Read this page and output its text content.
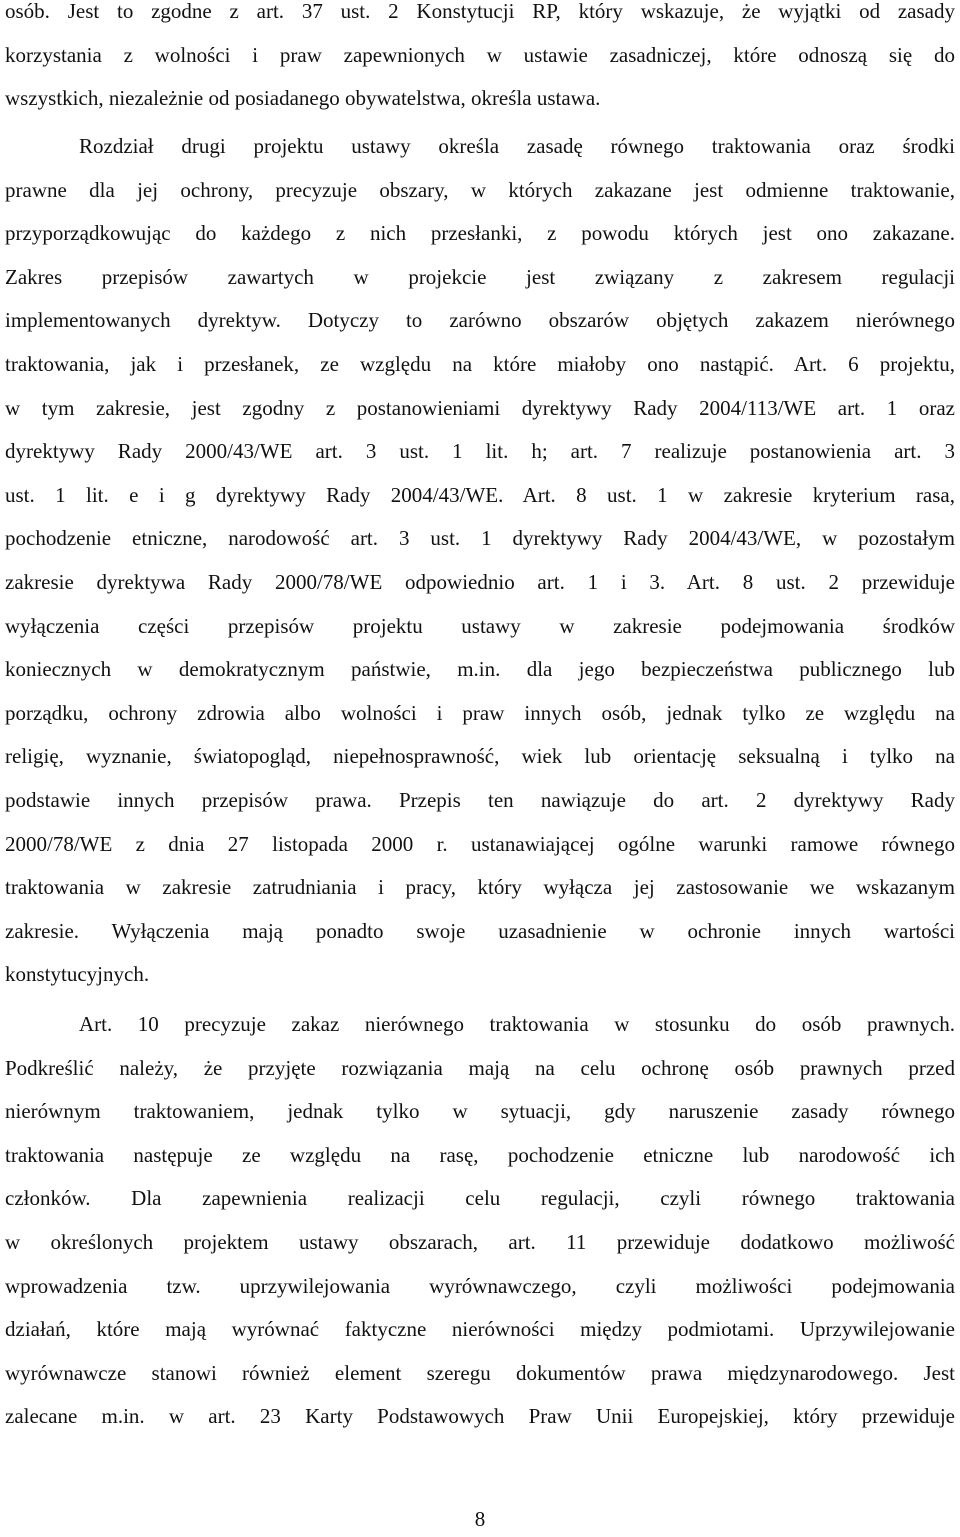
osób. Jest to zgodne z art. 37 ust. 2 Konstytucji RP, który wskazuje, że wyjątki od zasady
korzystania z wolności i praw zapewnionych w ustawie zasadniczej, które odnoszą się do
wszystkich, niezależnie od posiadanego obywatelstwa, określa ustawa.
Rozdział drugi projektu ustawy określa zasadę równego traktowania oraz środki
prawne dla jej ochrony, precyzuje obszary, w których zakazane jest odmienne traktowanie,
przyporządkowując do każdego z nich przesłanki, z powodu których jest ono zakazane.
Zakres przepisów zawartych w projekcie jest związany z zakresem regulacji
implementowanych dyrektyw. Dotyczy to zarówno obszarów objętych zakazem nierównego
traktowania, jak i przesłanek, ze względu na które miałoby ono nastąpić. Art. 6 projektu,
w tym zakresie, jest zgodny z postanowieniami dyrektywy Rady 2004/113/WE art. 1 oraz
dyrektywy Rady 2000/43/WE art. 3 ust. 1 lit. h; art. 7 realizuje postanowienia art. 3
ust. 1 lit. e i g dyrektywy Rady 2004/43/WE. Art. 8 ust. 1 w zakresie kryterium rasa,
pochodzenie etniczne, narodowość art. 3 ust. 1 dyrektywy Rady 2004/43/WE, w pozostałym
zakresie dyrektywa Rady 2000/78/WE odpowiednio art. 1 i 3. Art. 8 ust. 2 przewiduje
wyłączenia części przepisów projektu ustawy w zakresie podejmowania środków
koniecznych w demokratycznym państwie, m.in. dla jego bezpieczeństwa publicznego lub
porządku, ochrony zdrowia albo wolności i praw innych osób, jednak tylko ze względu na
religię, wyznanie, światopogląd, niepełnosprawność, wiek lub orientację seksualną i tylko na
podstawie innych przepisów prawa. Przepis ten nawiązuje do art. 2 dyrektywy Rady
2000/78/WE z dnia 27 listopada 2000 r. ustanawiającej ogólne warunki ramowe równego
traktowania w zakresie zatrudniania i pracy, który wyłącza jej zastosowanie we wskazanym
zakresie. Wyłączenia mają ponadto swoje uzasadnienie w ochronie innych wartości
konstytucyjnych.
Art. 10 precyzuje zakaz nierównego traktowania w stosunku do osób prawnych.
Podkreślić należy, że przyjęte rozwiązania mają na celu ochronę osób prawnych przed
nierównym traktowaniem, jednak tylko w sytuacji, gdy naruszenie zasady równego
traktowania następuje ze względu na rasę, pochodzenie etniczne lub narodowość ich
członków. Dla zapewnienia realizacji celu regulacji, czyli równego traktowania
w określonych projektem ustawy obszarach, art. 11 przewiduje dodatkowo możliwość
wprowadzenia tzw. uprzywilejowania wyrównawczego, czyli możliwości podejmowania
działań, które mają wyrównać faktyczne nierówności między podmiotami. Uprzywilejowanie
wyrównawcze stanowi również element szeregu dokumentów prawa międzynarodowego. Jest
zalecane m.in. w art. 23 Karty Podstawowych Praw Unii Europejskiej, który przewiduje
8
